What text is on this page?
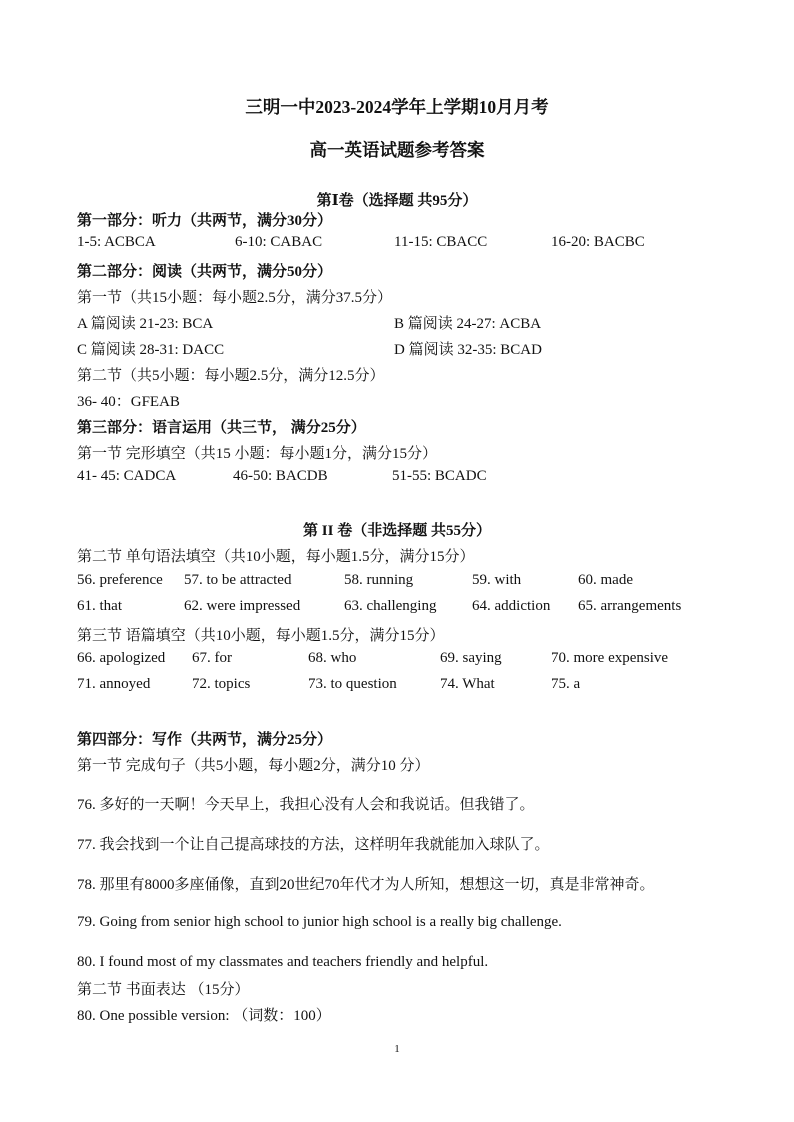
三明一中2023-2024学年上学期10月月考
高一英语试题参考答案
第Ⅰ卷（选择题 共95分）
第一部分：听力（共两节，满分30分）
1-5: ACBCA	6-10: CABAC	11-15: CBACC	16-20: BACBC
第二部分：阅读（共两节，满分50分）
第一节（共15小题：每小题2.5分，满分37.5分）
A 篇阅读 21-23: BCA	B 篇阅读 24-27: ACBA
C 篇阅读 28-31: DACC	D 篇阅读 32-35: BCAD
第二节（共5小题：每小题2.5分，满分12.5分）
36- 40：GFEAB
第三部分：语言运用（共三节， 满分25分）
第一节 完形填空（共15 小题：每小题1分，满分15分）
41- 45: CADCA	46-50: BACDB	51-55: BCADC
第 II 卷（非选择题 共55分）
第二节 单句语法填空（共10小题，每小题1.5分，满分15分）
56. preference 57. to be attracted	58. running	59. with	60. made
61. that	62. were impressed	63. challenging 64. addiction 65. arrangements
第三节 语篇填空（共10小题，每小题1.5分，满分15分）
66. apologized 67. for	68. who	69. saying	70. more expensive
71. annoyed	72. topics	73. to question	74. What	75. a
第四部分：写作（共两节，满分25分）
第一节 完成句子（共5小题，每小题2分，满分10 分）
76. 多好的一天啊！今天早上，我担心没有人会和我说话。但我错了。
77. 我会找到一个让自己提高球技的方法，这样明年我就能加入球队了。
78. 那里有8000多座俑像，直到20世纪70年代才为人所知，想想这一切，真是非常神奇。
79. Going from senior high school to junior high school is a really big challenge.
80. I found most of my classmates and teachers friendly and helpful.
第二节 书面表达 （15分）
80. One possible version: （词数：100）
1
